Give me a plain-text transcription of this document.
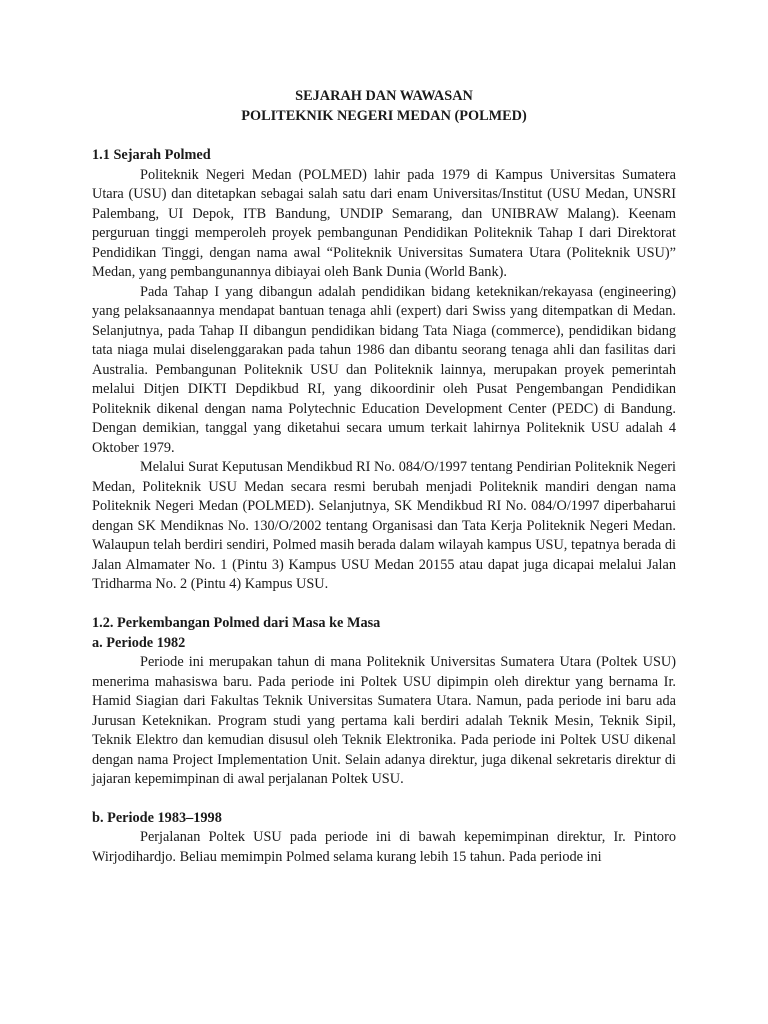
SEJARAH DAN WAWASAN
POLITEKNIK NEGERI MEDAN (POLMED)
1.1 Sejarah Polmed

Politeknik Negeri Medan (POLMED) lahir pada 1979 di Kampus Universitas Sumatera Utara (USU) dan ditetapkan sebagai salah satu dari enam Universitas/Institut (USU Medan, UNSRI Palembang, UI Depok, ITB Bandung, UNDIP Semarang, dan UNIBRAW Malang). Keenam perguruan tinggi memperoleh proyek pembangunan Pendidikan Politeknik Tahap I dari Direktorat Pendidikan Tinggi, dengan nama awal “Politeknik Universitas Sumatera Utara (Politeknik USU)” Medan, yang pembangunannya dibiayai oleh Bank Dunia (World Bank).

Pada Tahap I yang dibangun adalah pendidikan bidang keteknikan/rekayasa (engineering) yang pelaksanaannya mendapat bantuan tenaga ahli (expert) dari Swiss yang ditempatkan di Medan. Selanjutnya, pada Tahap II dibangun pendidikan bidang Tata Niaga (commerce), pendidikan bidang tata niaga mulai diselenggarakan pada tahun 1986 dan dibantu seorang tenaga ahli dan fasilitas dari Australia. Pembangunan Politeknik USU dan Politeknik lainnya, merupakan proyek pemerintah melalui Ditjen DIKTI Depdikbud RI, yang dikoordinir oleh Pusat Pengembangan Pendidikan Politeknik dikenal dengan nama Polytechnic Education Development Center (PEDC) di Bandung. Dengan demikian, tanggal yang diketahui secara umum terkait lahirnya Politeknik USU adalah 4 Oktober 1979.

Melalui Surat Keputusan Mendikbud RI No. 084/O/1997 tentang Pendirian Politeknik Negeri Medan, Politeknik USU Medan secara resmi berubah menjadi Politeknik mandiri dengan nama Politeknik Negeri Medan (POLMED). Selanjutnya, SK Mendikbud RI No. 084/O/1997 diperbaharui dengan SK Mendiknas No. 130/O/2002 tentang Organisasi dan Tata Kerja Politeknik Negeri Medan. Walaupun telah berdiri sendiri, Polmed masih berada dalam wilayah kampus USU, tepatnya berada di Jalan Almamater No. 1 (Pintu 3) Kampus USU Medan 20155 atau dapat juga dicapai melalui Jalan Tridharma No. 2 (Pintu 4) Kampus USU.

1.2. Perkembangan Polmed dari Masa ke Masa
a. Periode 1982

Periode ini merupakan tahun di mana Politeknik Universitas Sumatera Utara (Poltek USU) menerima mahasiswa baru. Pada periode ini Poltek USU dipimpin oleh direktur yang bernama Ir. Hamid Siagian dari Fakultas Teknik Universitas Sumatera Utara. Namun, pada periode ini baru ada Jurusan Keteknikan. Program studi yang pertama kali berdiri adalah Teknik Mesin, Teknik Sipil, Teknik Elektro dan kemudian disusul oleh Teknik Elektronika. Pada periode ini Poltek USU dikenal dengan nama Project Implementation Unit. Selain adanya direktur, juga dikenal sekretaris direktur di jajaran kepemimpinan di awal perjalanan Poltek USU.

b. Periode 1983–1998

Perjalanan Poltek USU pada periode ini di bawah kepemimpinan direktur, Ir. Pintoro Wirjodihardjo. Beliau memimpin Polmed selama kurang lebih 15 tahun. Pada periode ini
